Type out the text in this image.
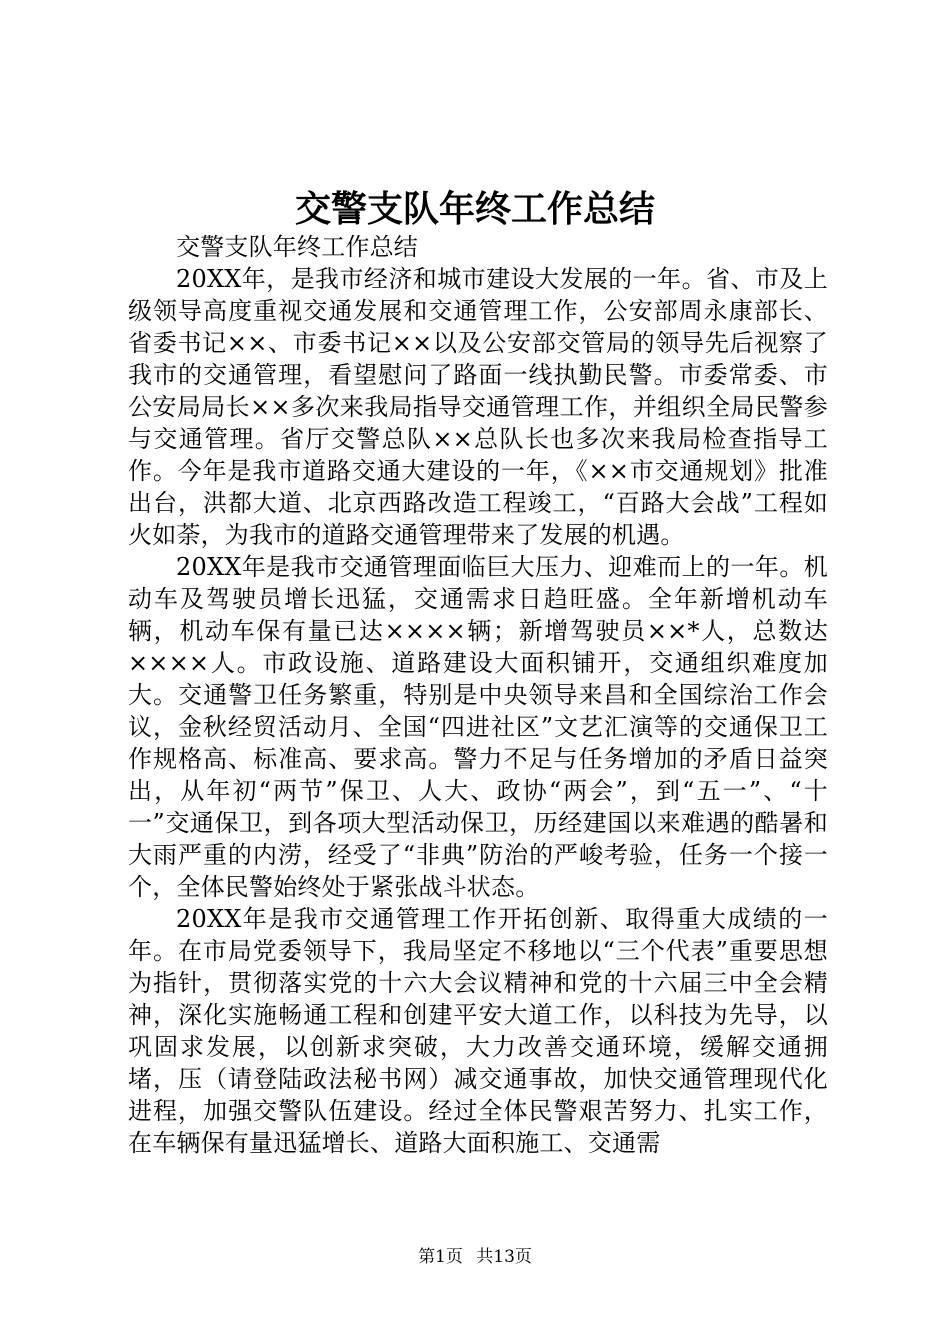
交警支队年终工作总结

交警支队年终工作总结

20XX年，是我市经济和城市建设大发展的一年。省、市及上级领导高度重视交通发展和交通管理工作，公安部周永康部长、省委书记××、市委书记××以及公安部交管局的领导先后视察了我市的交通管理，看望慰问了路面一线执勤民警。市委常委、市公安局局长××多次来我局指导交通管理工作，并组织全局民警参与交通管理。省厅交警总队××总队长也多次来我局检查指导工作。今年是我市道路交通大建设的一年，《××市交通规划》批准出台，洪都大道、北京西路改造工程竣工，“百路大会战”工程如火如荼，为我市的道路交通管理带来了发展的机遇。

20XX年是我市交通管理面临巨大压力、迎难而上的一年。机动车及驾驶员增长迅猛，交通需求日趋旺盛。全年新增机动车辆，机动车保有量已达××××辆；新增驾驶员××*人，总数达××××人。市政设施、道路建设大面积铺开，交通组织难度加大。交通警卫任务繁重，特别是中央领导来昌和全国综治工作会议，金秋经贸活动月、全国“四进社区”文艺汇演等的交通保卫工作规格高、标准高、要求高。警力不足与任务增加的矛盾日益突出，从年初“两节”保卫、人大、政协“两会”，到“五一”、“十一”交通保卫，到各项大型活动保卫，历经建国以来难遇的酷暑和大雨严重的内涝，经受了“非典”防治的严峻考验，任务一个接一个，全体民警始终处于紧张战斗状态。

20XX年是我市交通管理工作开拓创新、取得重大成绩的一年。在市局党委领导下，我局坚定不移地以“三个代表”重要思想为指针，贯彻落实党的十六大会议精神和党的十六届三中全会精神，深化实施畅通工程和创建平安大道工作，以科技为先导，以巩固求发展，以创新求突破，大力改善交通环境，缓解交通拥堵，压（请登陆政法秘书网）减交通事故，加快交通管理现代化进程，加强交警队伍建设。经过全体民警艰苦努力、扎实工作，在车辆保有量迅猛增长、道路大面积施工、交通需

第1页 共13页
